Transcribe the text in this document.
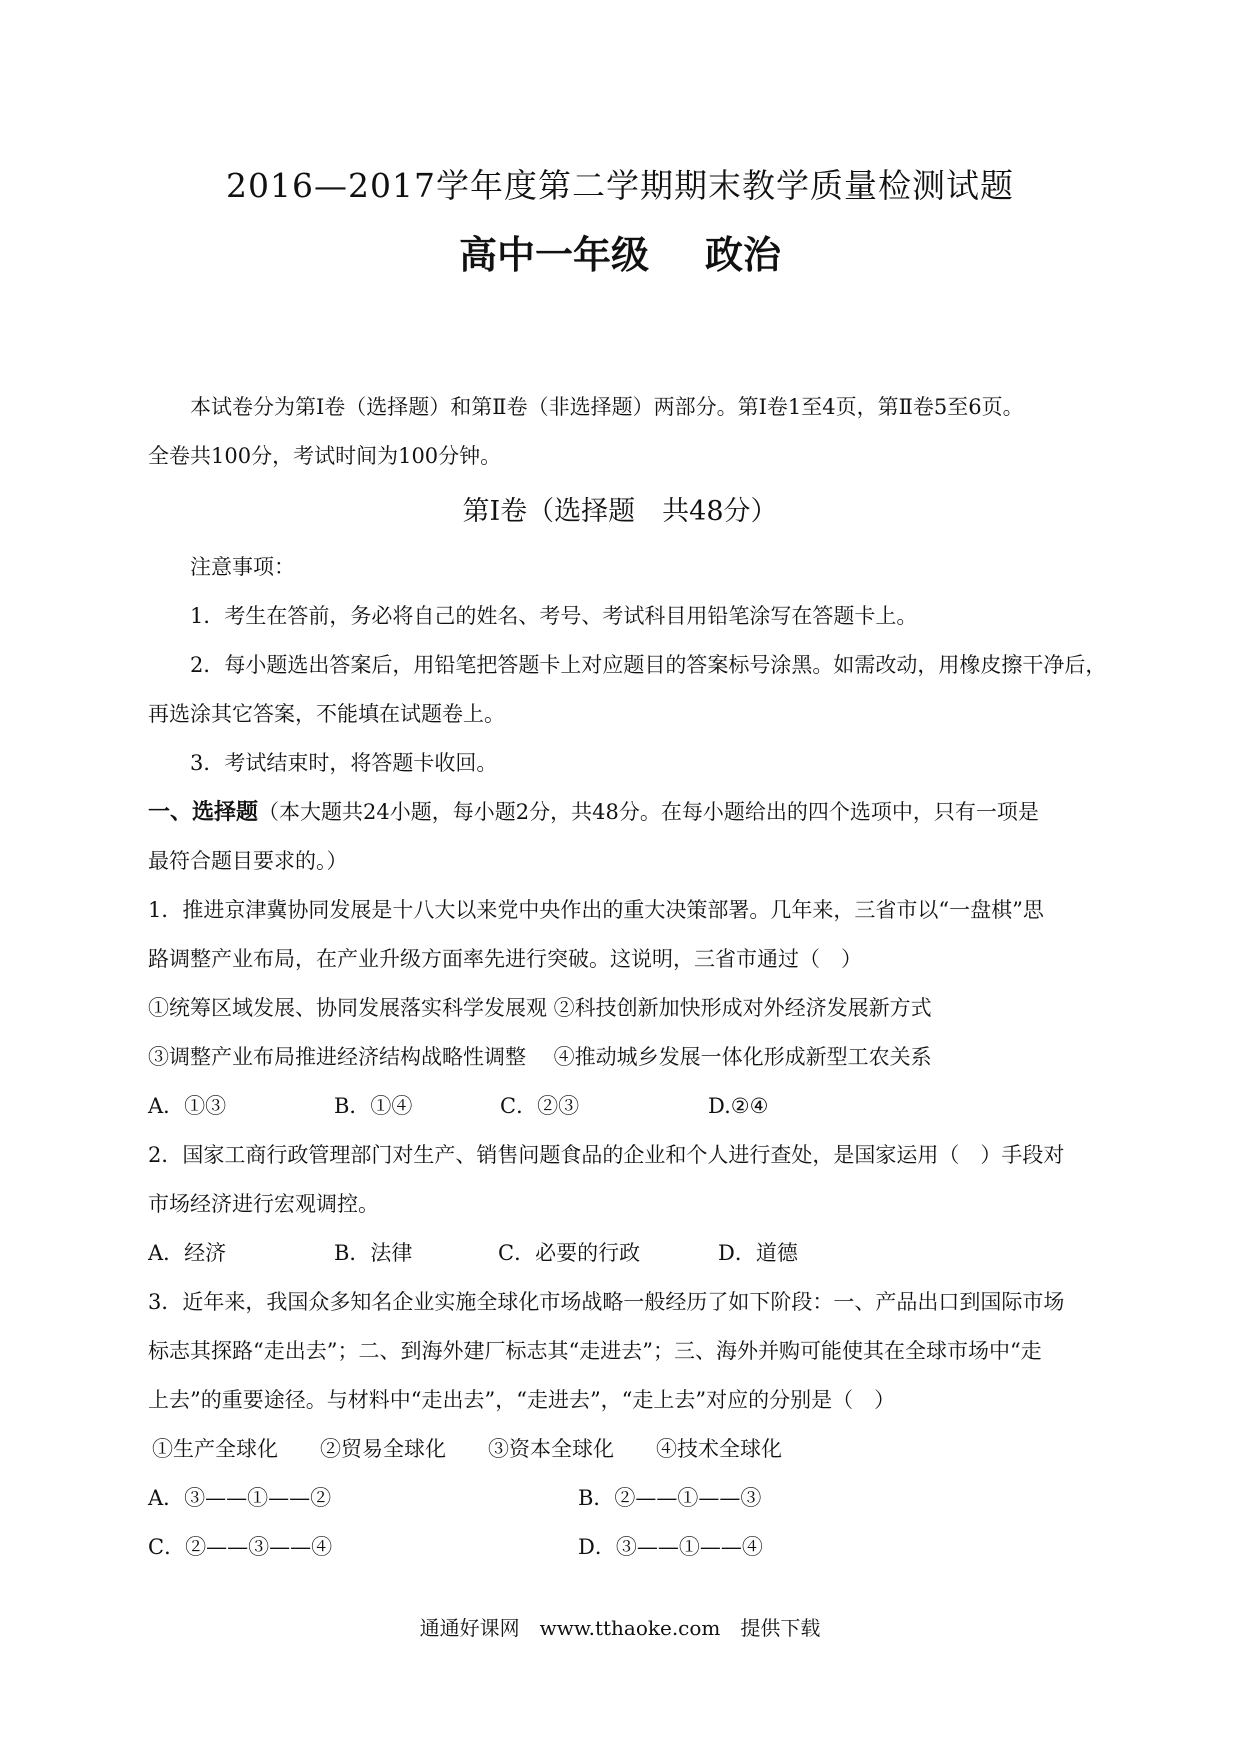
2016—2017学年度第二学期期末教学质量检测试题
高中一年级 政治
本试卷分为第Ⅰ卷（选择题）和第Ⅱ卷（非选择题）两部分。第Ⅰ卷1至4页，第Ⅱ卷5至6页。
全卷共100分，考试时间为100分钟。
第Ⅰ卷（选择题　共48分）
注意事项：
1．考生在答前，务必将自己的姓名、考号、考试科目用铅笔涂写在答题卡上。
2．每小题选出答案后，用铅笔把答题卡上对应题目的答案标号涂黑。如需改动，用橡皮擦干净后，
再选涂其它答案，不能填在试题卷上。
3．考试结束时，将答题卡收回。
一、选择题（本大题共24小题，每小题2分，共48分。在每小题给出的四个选项中，只有一项是
最符合题目要求的。）
1．推进京津冀协同发展是十八大以来党中央作出的重大决策部署。几年来，三省市以“一盘棋”思
路调整产业布局，在产业升级方面率先进行突破。这说明，三省市通过（　）
①统筹区域发展、协同发展落实科学发展观 ②科技创新加快形成对外经济发展新方式
③调整产业布局推进经济结构战略性调整　 ④推动城乡发展一体化形成新型工农关系
A．①③	B．①④	C．②③	D.②④
2．国家工商行政管理部门对生产、销售问题食品的企业和个人进行查处，是国家运用（　）手段对
市场经济进行宏观调控。
A．经济	B．法律	C．必要的行政	D．道德
3．近年来，我国众多知名企业实施全球化市场战略一般经历了如下阶段：一、产品出口到国际市场
标志其探路“走出去”；二、到海外建厂标志其“走进去”；三、海外并购可能使其在全球市场中“走
上去”的重要途径。与材料中“走出去”，“走进去”，“走上去”对应的分别是（　）
①生产全球化　　②贸易全球化　　③资本全球化　　④技术全球化
A．③——①——②	B．②——①——③
C．②——③——④	D．③——①——④
通通好课网　www.tthaoke.com　提供下载
